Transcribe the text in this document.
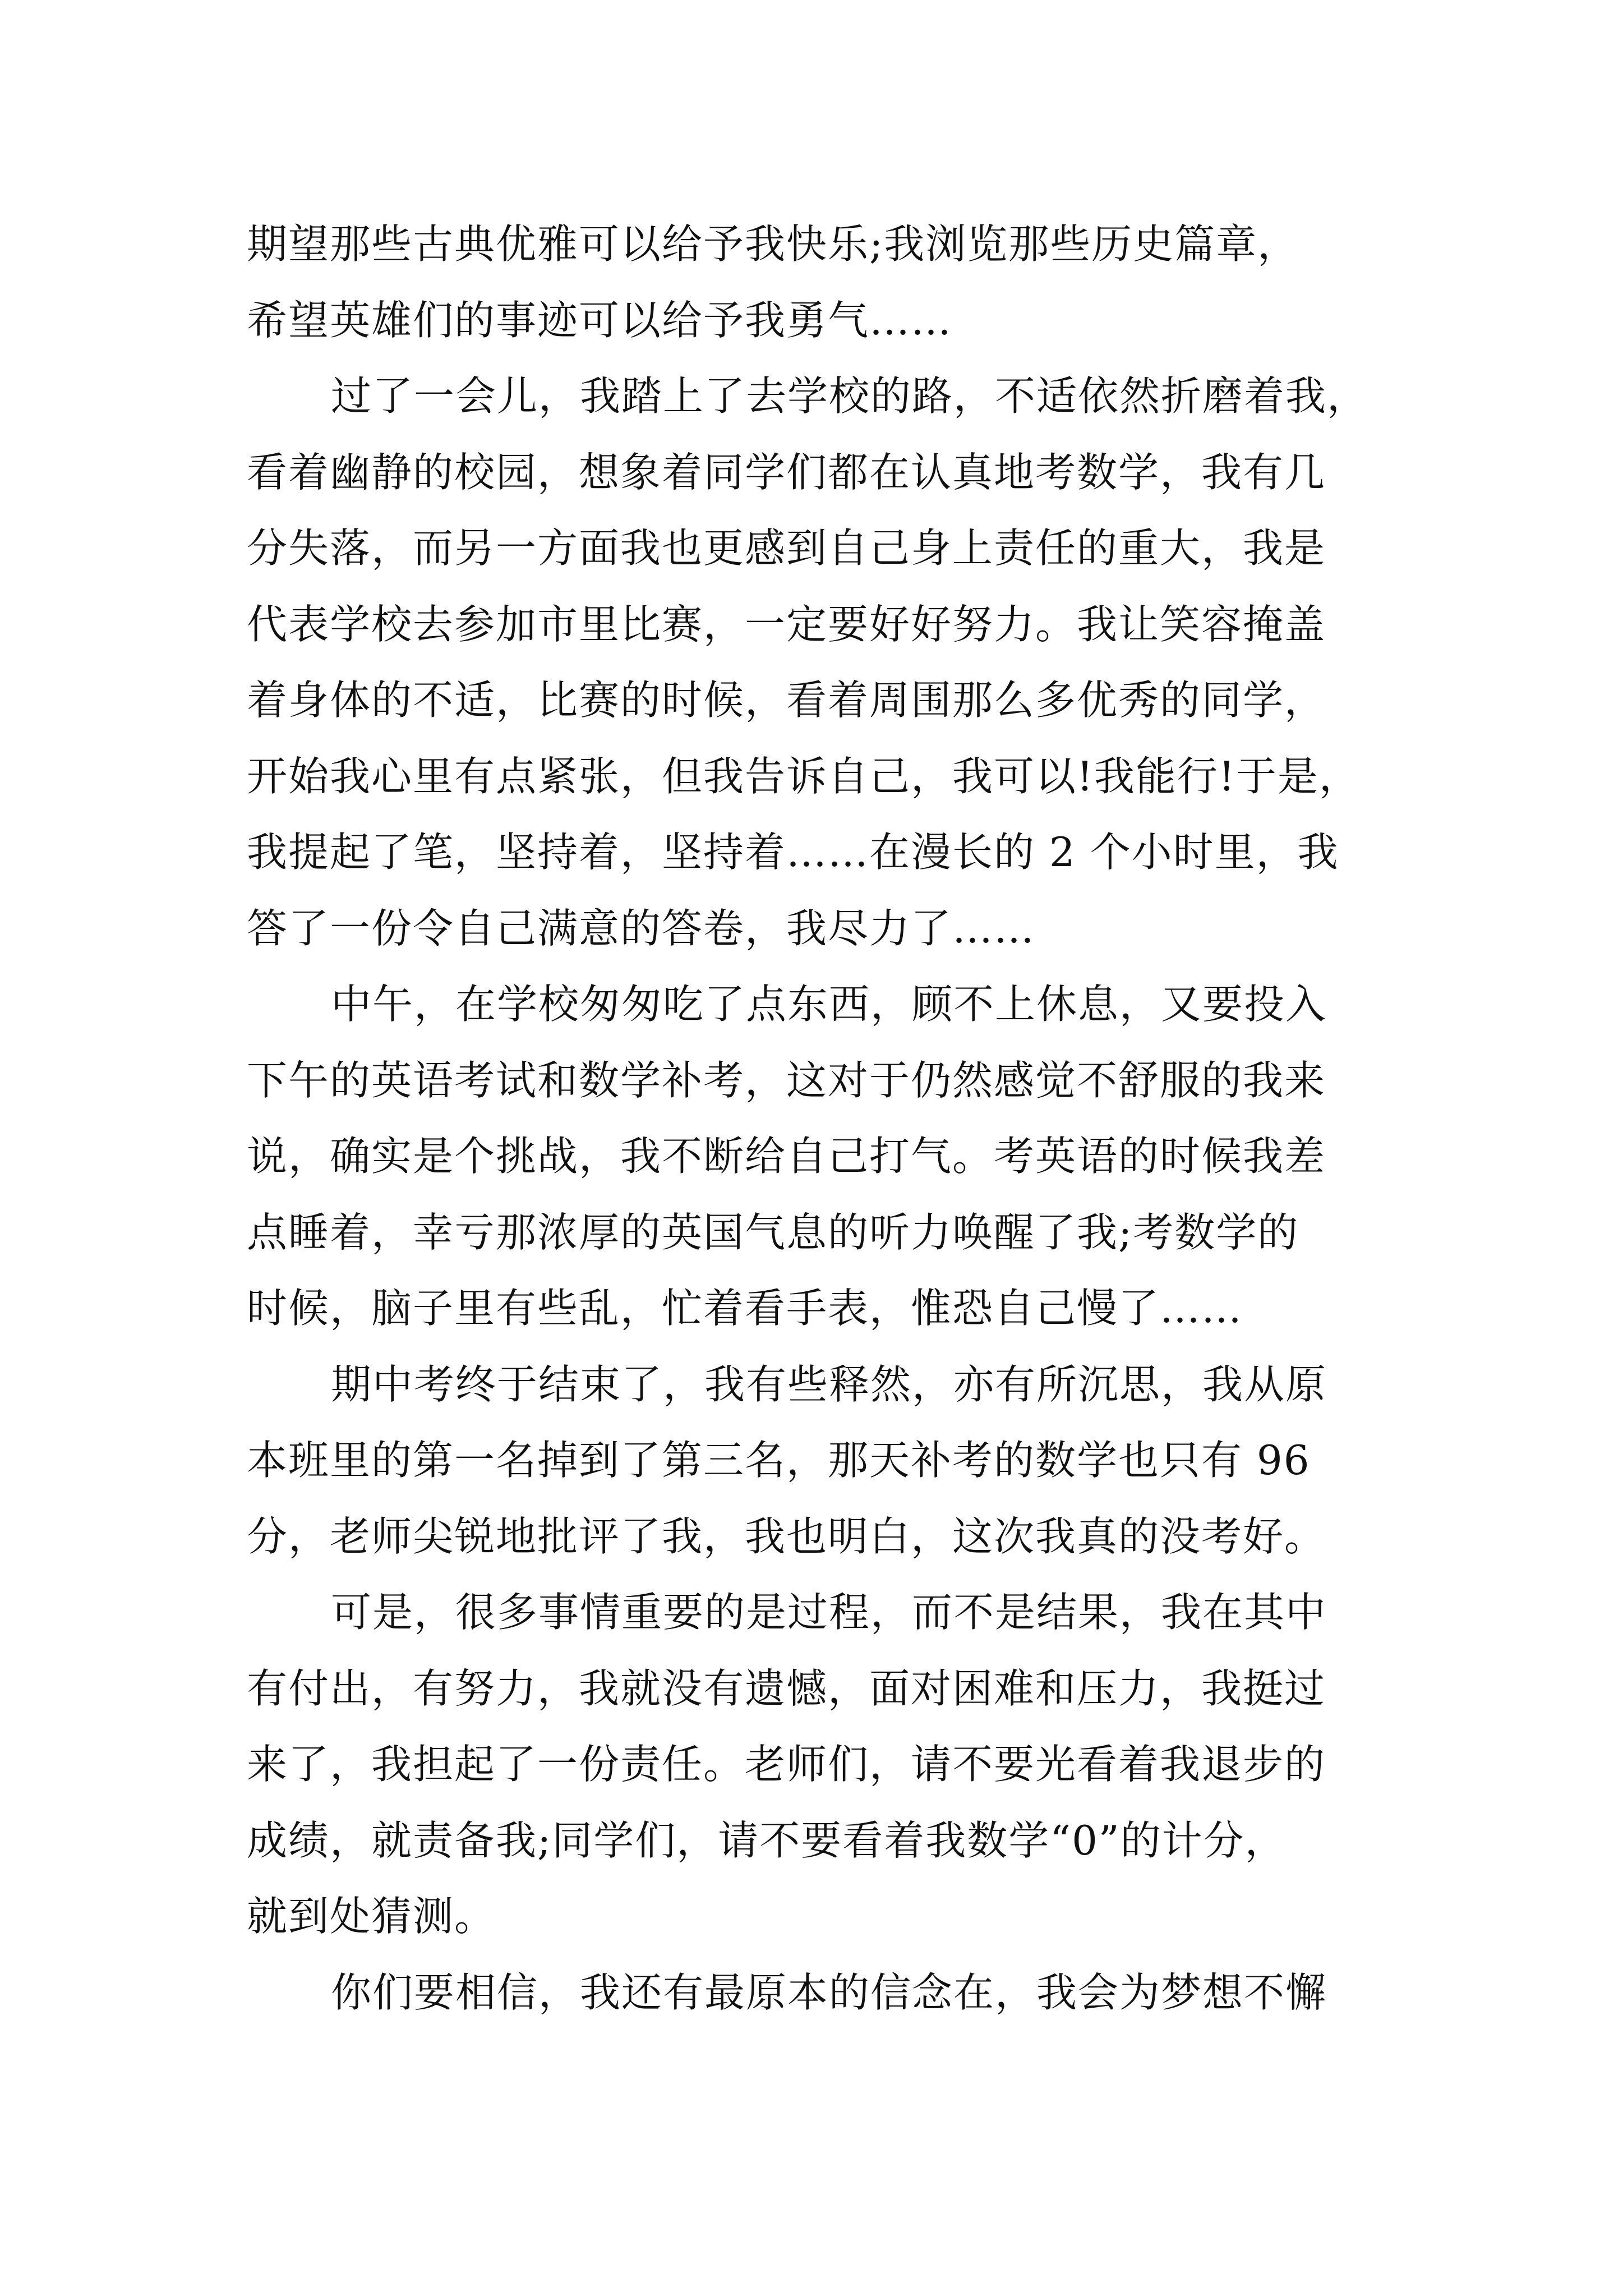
期望那些古典优雅可以给予我快乐;我浏览那些历史篇章，
希望英雄们的事迹可以给予我勇气……
过了一会儿，我踏上了去学校的路，不适依然折磨着我，
看着幽静的校园，想象着同学们都在认真地考数学，我有几
分失落，而另一方面我也更感到自己身上责任的重大，我是
代表学校去参加市里比赛，一定要好好努力。我让笑容掩盖
着身体的不适，比赛的时候，看着周围那么多优秀的同学，
开始我心里有点紧张，但我告诉自己，我可以!我能行!于是，
我提起了笔，坚持着，坚持着……在漫长的 2 个小时里，我
答了一份令自己满意的答卷，我尽力了……
中午，在学校匆匆吃了点东西，顾不上休息，又要投入
下午的英语考试和数学补考，这对于仍然感觉不舒服的我来
说，确实是个挑战，我不断给自己打气。考英语的时候我差
点睡着，幸亏那浓厚的英国气息的听力唤醒了我;考数学的
时候，脑子里有些乱，忙着看手表，惟恐自己慢了……
期中考终于结束了，我有些释然，亦有所沉思，我从原
本班里的第一名掉到了第三名，那天补考的数学也只有 96
分，老师尖锐地批评了我，我也明白，这次我真的没考好。
可是，很多事情重要的是过程，而不是结果，我在其中
有付出，有努力，我就没有遗憾，面对困难和压力，我挺过
来了，我担起了一份责任。老师们，请不要光看着我退步的
成绩，就责备我;同学们，请不要看着我数学“0”的计分，
就到处猜测。
你们要相信，我还有最原本的信念在，我会为梦想不懈
